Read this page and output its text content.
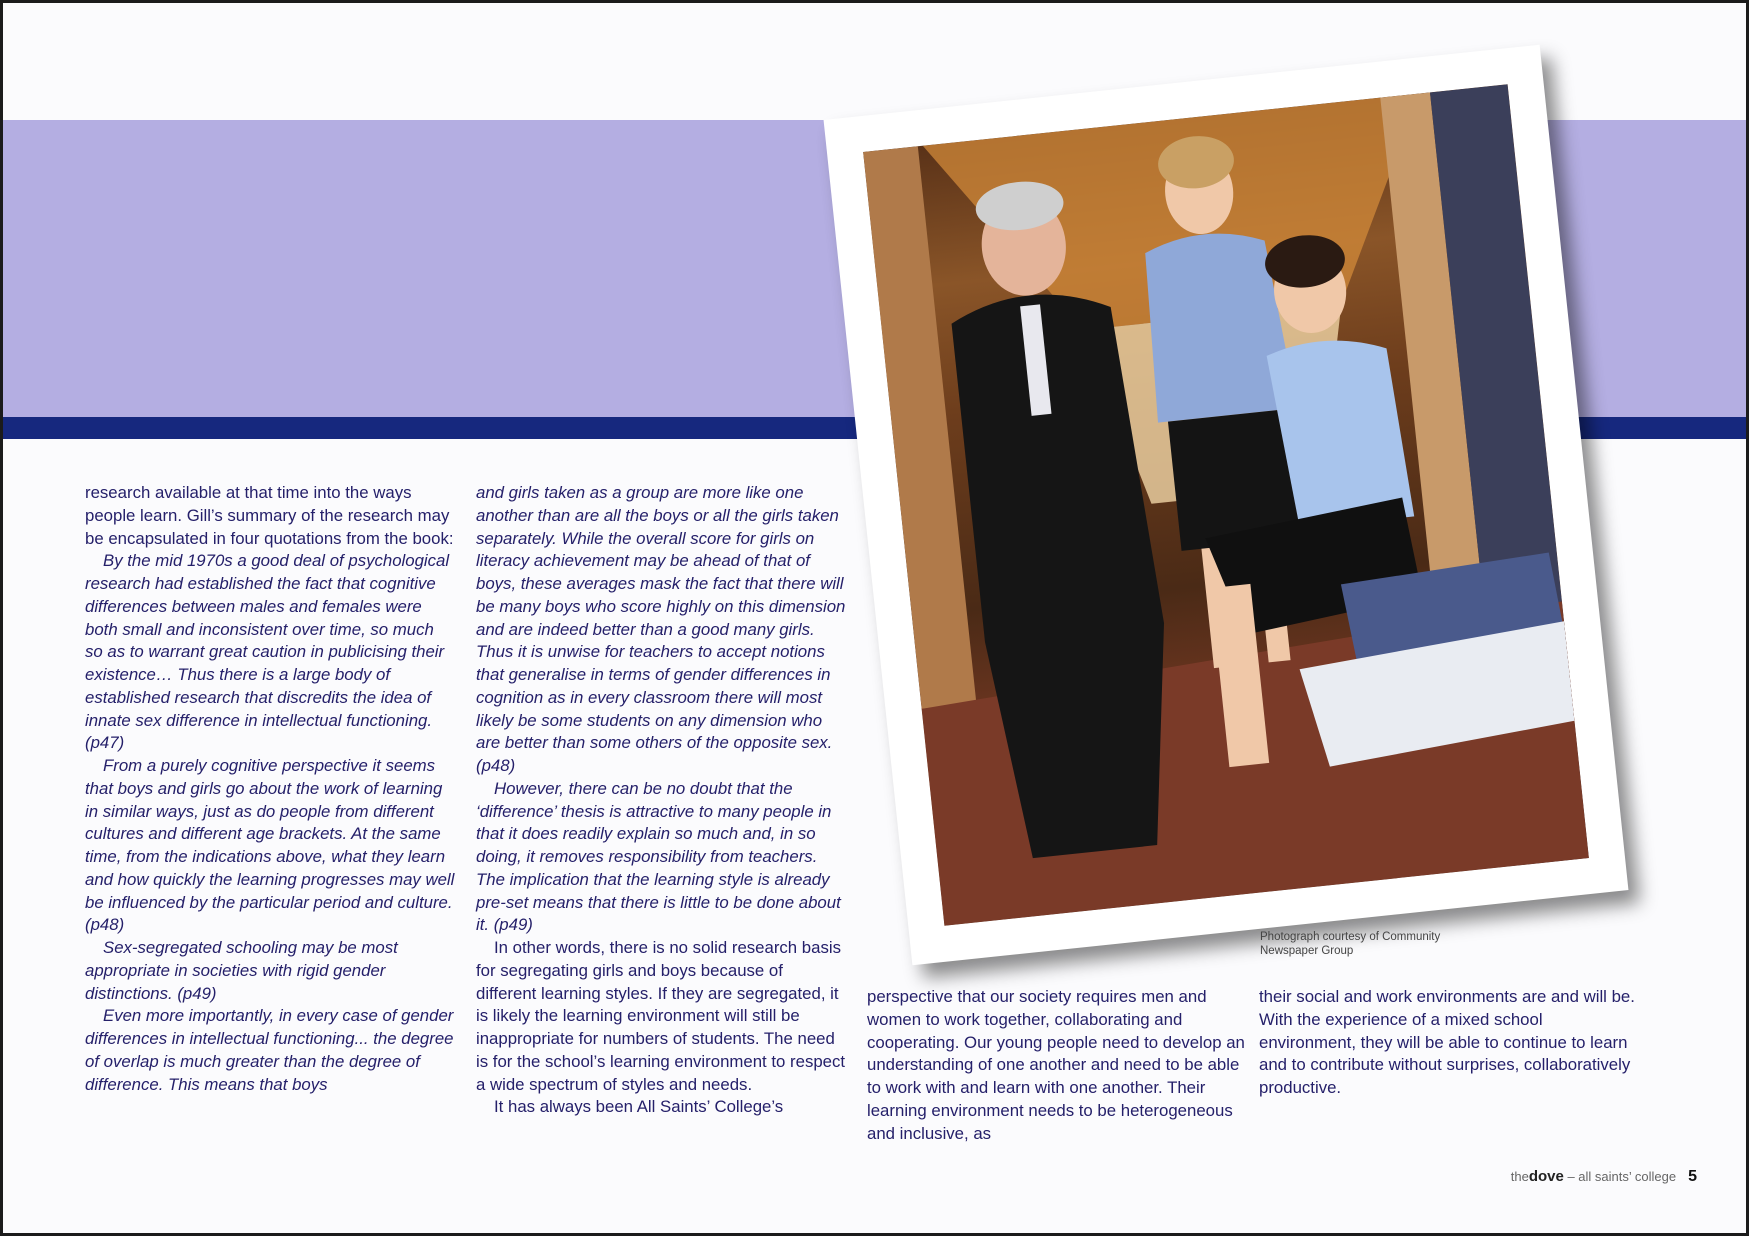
research available at that time into the ways people learn. Gill’s summary of the research may be encapsulated in four quotations from the book:

By the mid 1970s a good deal of psychological research had established the fact that cognitive differences between males and females were both small and inconsistent over time, so much so as to warrant great caution in publicising their existence… Thus there is a large body of established research that discredits the idea of innate sex difference in intellectual functioning. (p47)

From a purely cognitive perspective it seems that boys and girls go about the work of learning in similar ways, just as do people from different cultures and different age brackets. At the same time, from the indications above, what they learn and how quickly the learning progresses may well be influenced by the particular period and culture. (p48)

Sex-segregated schooling may be most appropriate in societies with rigid gender distinctions. (p49)

Even more importantly, in every case of gender differences in intellectual functioning... the degree of overlap is much greater than the degree of difference. This means that boys

and girls taken as a group are more like one another than are all the boys or all the girls taken separately. While the overall score for girls on literacy achievement may be ahead of that of boys, these averages mask the fact that there will be many boys who score highly on this dimension and are indeed better than a good many girls. Thus it is unwise for teachers to accept notions that generalise in terms of gender differences in cognition as in every classroom there will most likely be some students on any dimension who are better than some others of the opposite sex. (p48)

However, there can be no doubt that the ‘difference’ thesis is attractive to many people in that it does readily explain so much and, in so doing, it removes responsibility from teachers. The implication that the learning style is already pre-set means that there is little to be done about it. (p49)

In other words, there is no solid research basis for segregating girls and boys because of different learning styles. If they are segregated, it is likely the learning environment will still be inappropriate for numbers of students. The need is for the school’s learning environment to respect a wide spectrum of styles and needs.

It has always been All Saints’ College’s

perspective that our society requires men and women to work together, collaborating and cooperating. Our young people need to develop an understanding of one another and need to be able to work with and learn with one another. Their learning environment needs to be heterogeneous and inclusive, as

their social and work environments are and will be. With the experience of a mixed school environment, they will be able to continue to learn and to contribute without surprises, collaboratively productive.

Photograph courtesy of Community Newspaper Group
thedove – all saints’ college 5
